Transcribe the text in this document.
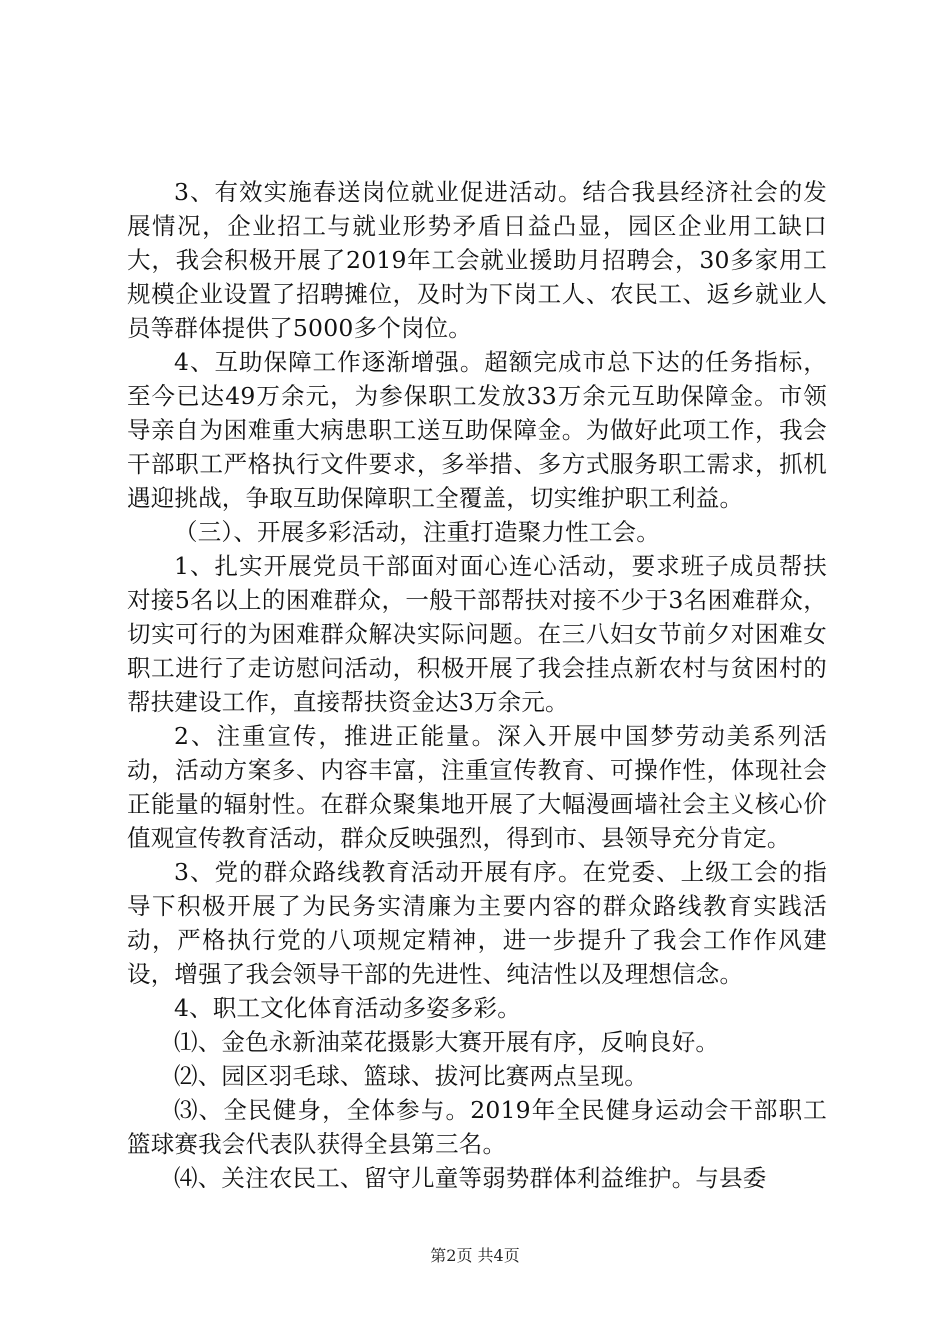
3、有效实施春送岗位就业促进活动。结合我县经济社会的发展情况，企业招工与就业形势矛盾日益凸显，园区企业用工缺口大，我会积极开展了2019年工会就业援助月招聘会，30多家用工规模企业设置了招聘摊位，及时为下岗工人、农民工、返乡就业人员等群体提供了5000多个岗位。

4、互助保障工作逐渐增强。超额完成市总下达的任务指标，至今已达49万余元，为参保职工发放33万余元互助保障金。市领导亲自为困难重大病患职工送互助保障金。为做好此项工作，我会干部职工严格执行文件要求，多举措、多方式服务职工需求，抓机遇迎挑战，争取互助保障职工全覆盖，切实维护职工利益。

（三）、开展多彩活动，注重打造聚力性工会。

1、扎实开展党员干部面对面心连心活动，要求班子成员帮扶对接5名以上的困难群众，一般干部帮扶对接不少于3名困难群众，切实可行的为困难群众解决实际问题。在三八妇女节前夕对困难女职工进行了走访慰问活动，积极开展了我会挂点新农村与贫困村的帮扶建设工作，直接帮扶资金达3万余元。

2、注重宣传，推进正能量。深入开展中国梦劳动美系列活动，活动方案多、内容丰富，注重宣传教育、可操作性，体现社会正能量的辐射性。在群众聚集地开展了大幅漫画墙社会主义核心价值观宣传教育活动，群众反映强烈，得到市、县领导充分肯定。

3、党的群众路线教育活动开展有序。在党委、上级工会的指导下积极开展了为民务实清廉为主要内容的群众路线教育实践活动，严格执行党的八项规定精神，进一步提升了我会工作作风建设，增强了我会领导干部的先进性、纯洁性以及理想信念。

4、职工文化体育活动多姿多彩。

⑴、金色永新油菜花摄影大赛开展有序，反响良好。

⑵、园区羽毛球、篮球、拔河比赛两点呈现。

⑶、全民健身，全体参与。2019年全民健身运动会干部职工篮球赛我会代表队获得全县第三名。

⑷、关注农民工、留守儿童等弱势群体利益维护。与县委

第2页 共4页
